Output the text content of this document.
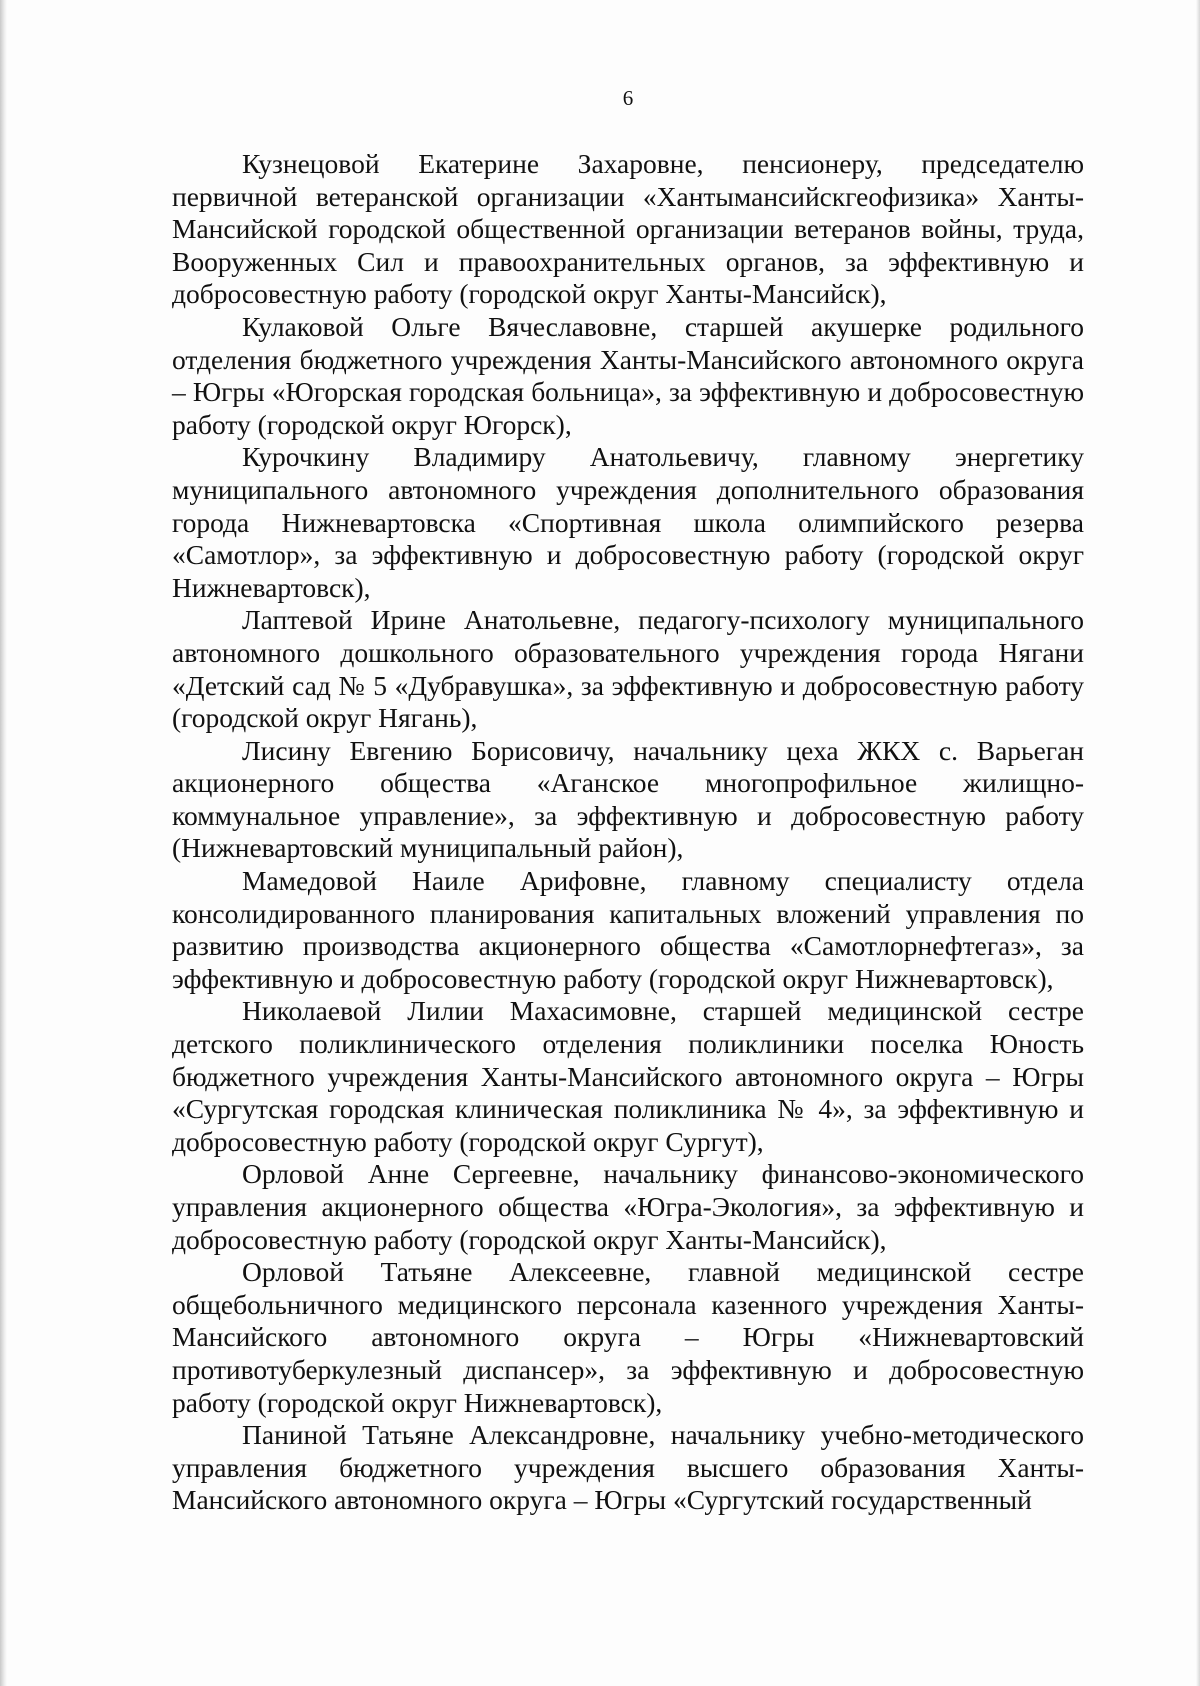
6

Кузнецовой Екатерине Захаровне, пенсионеру, председателю первичной ветеранской организации «Хантымансийскгеофизика» Ханты-Мансийской городской общественной организации ветеранов войны, труда, Вооруженных Сил и правоохранительных органов, за эффективную и добросовестную работу (городской округ Ханты-Мансийск),

Кулаковой Ольге Вячеславовне, старшей акушерке родильного отделения бюджетного учреждения Ханты-Мансийского автономного округа – Югры «Югорская городская больница», за эффективную и добросовестную работу (городской округ Югорск),

Курочкину Владимиру Анатольевичу, главному энергетику муниципального автономного учреждения дополнительного образования города Нижневартовска «Спортивная школа олимпийского резерва «Самотлор», за эффективную и добросовестную работу (городской округ Нижневартовск),

Лаптевой Ирине Анатольевне, педагогу-психологу муниципального автономного дошкольного образовательного учреждения города Нягани «Детский сад № 5 «Дубравушка», за эффективную и добросовестную работу (городской округ Нягань),

Лисину Евгению Борисовичу, начальнику цеха ЖКХ с. Варьеган акционерного общества «Аганское многопрофильное жилищно-коммунальное управление», за эффективную и добросовестную работу (Нижневартовский муниципальный район),

Мамедовой Наиле Арифовне, главному специалисту отдела консолидированного планирования капитальных вложений управления по развитию производства акционерного общества «Самотлорнефтегаз», за эффективную и добросовестную работу (городской округ Нижневартовск),

Николаевой Лилии Махасимовне, старшей медицинской сестре детского поликлинического отделения поликлиники поселка Юность бюджетного учреждения Ханты-Мансийского автономного округа – Югры «Сургутская городская клиническая поликлиника № 4», за эффективную и добросовестную работу (городской округ Сургут),

Орловой Анне Сергеевне, начальнику финансово-экономического управления акционерного общества «Югра-Экология», за эффективную и добросовестную работу (городской округ Ханты-Мансийск),

Орловой Татьяне Алексеевне, главной медицинской сестре общебольничного медицинского персонала казенного учреждения Ханты-Мансийского автономного округа – Югры «Нижневартовский противотуберкулезный диспансер», за эффективную и добросовестную работу (городской округ Нижневартовск),

Паниной Татьяне Александровне, начальнику учебно-методического управления бюджетного учреждения высшего образования Ханты-Мансийского автономного округа – Югры «Сургутский государственный
